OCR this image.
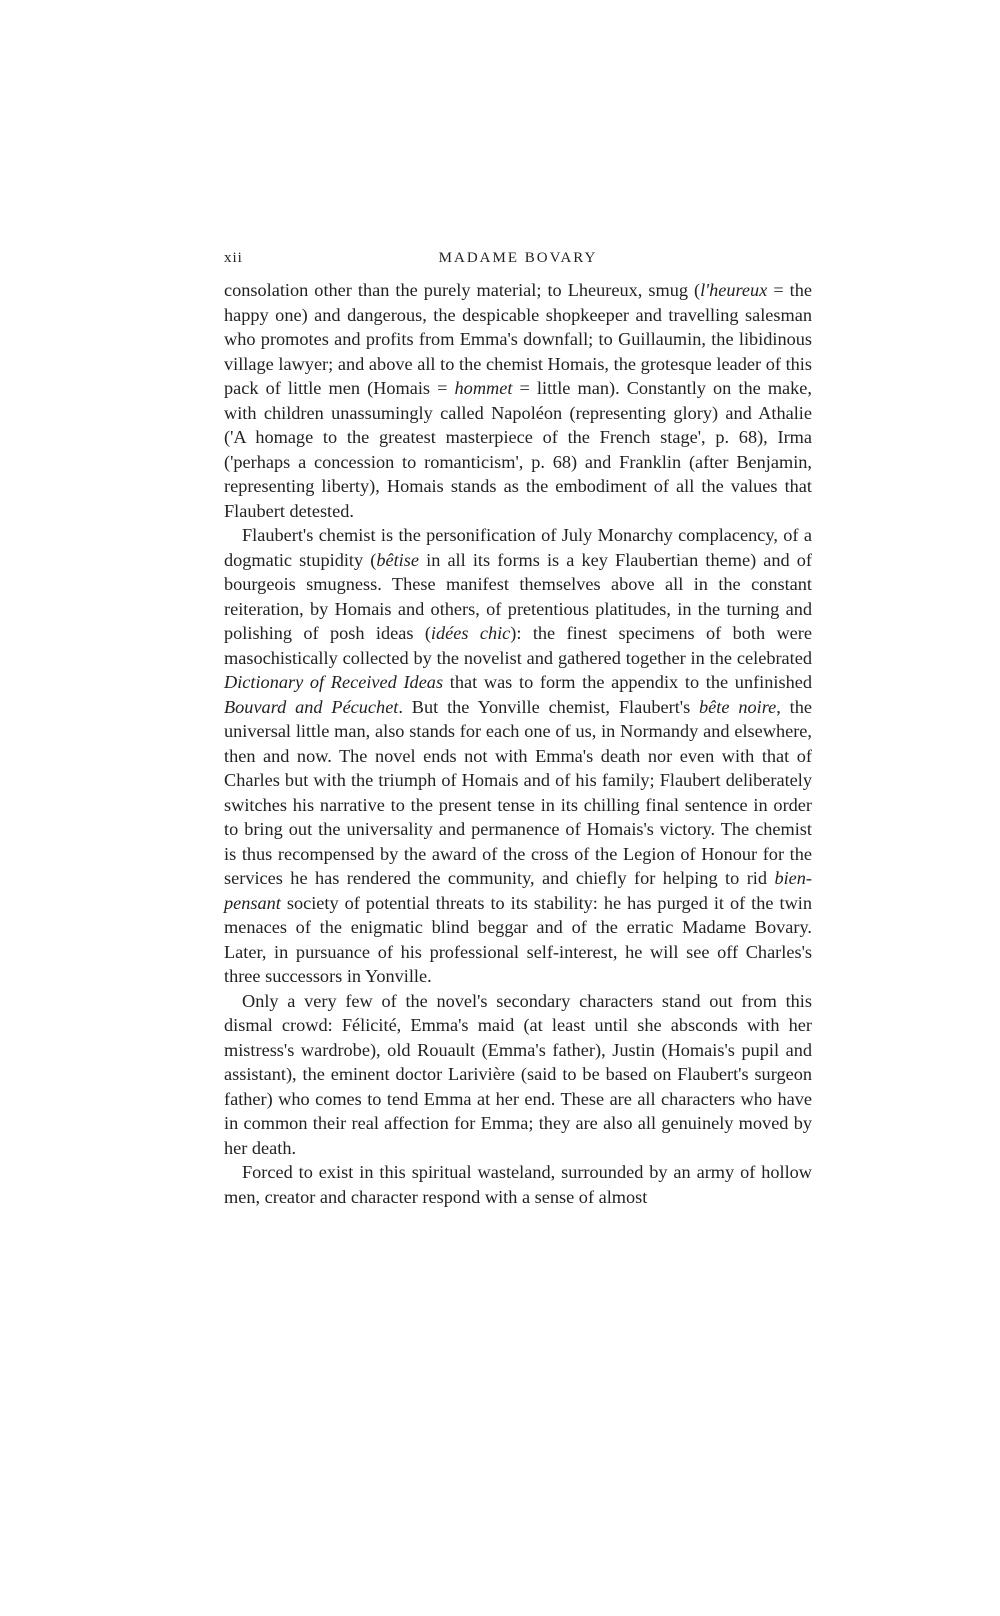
xii	MADAME BOVARY

consolation other than the purely material; to Lheureux, smug (l'heureux = the happy one) and dangerous, the despicable shopkeeper and travelling salesman who promotes and profits from Emma's downfall; to Guillaumin, the libidinous village lawyer; and above all to the chemist Homais, the grotesque leader of this pack of little men (Homais = hommet = little man). Constantly on the make, with children unassumingly called Napoléon (representing glory) and Athalie ('A homage to the greatest masterpiece of the French stage', p. 68), Irma ('perhaps a concession to romanticism', p. 68) and Franklin (after Benjamin, representing liberty), Homais stands as the embodiment of all the values that Flaubert detested.

Flaubert's chemist is the personification of July Monarchy complacency, of a dogmatic stupidity (bêtise in all its forms is a key Flaubertian theme) and of bourgeois smugness. These manifest themselves above all in the constant reiteration, by Homais and others, of pretentious platitudes, in the turning and polishing of posh ideas (idées chic): the finest specimens of both were masochistically collected by the novelist and gathered together in the celebrated Dictionary of Received Ideas that was to form the appendix to the unfinished Bouvard and Pécuchet. But the Yonville chemist, Flaubert's bête noire, the universal little man, also stands for each one of us, in Normandy and elsewhere, then and now. The novel ends not with Emma's death nor even with that of Charles but with the triumph of Homais and of his family; Flaubert deliberately switches his narrative to the present tense in its chilling final sentence in order to bring out the universality and permanence of Homais's victory. The chemist is thus recompensed by the award of the cross of the Legion of Honour for the services he has rendered the community, and chiefly for helping to rid bien-pensant society of potential threats to its stability: he has purged it of the twin menaces of the enigmatic blind beggar and of the erratic Madame Bovary. Later, in pursuance of his professional self-interest, he will see off Charles's three successors in Yonville.

Only a very few of the novel's secondary characters stand out from this dismal crowd: Félicité, Emma's maid (at least until she absconds with her mistress's wardrobe), old Rouault (Emma's father), Justin (Homais's pupil and assistant), the eminent doctor Larivière (said to be based on Flaubert's surgeon father) who comes to tend Emma at her end. These are all characters who have in common their real affection for Emma; they are also all genuinely moved by her death.

Forced to exist in this spiritual wasteland, surrounded by an army of hollow men, creator and character respond with a sense of almost
